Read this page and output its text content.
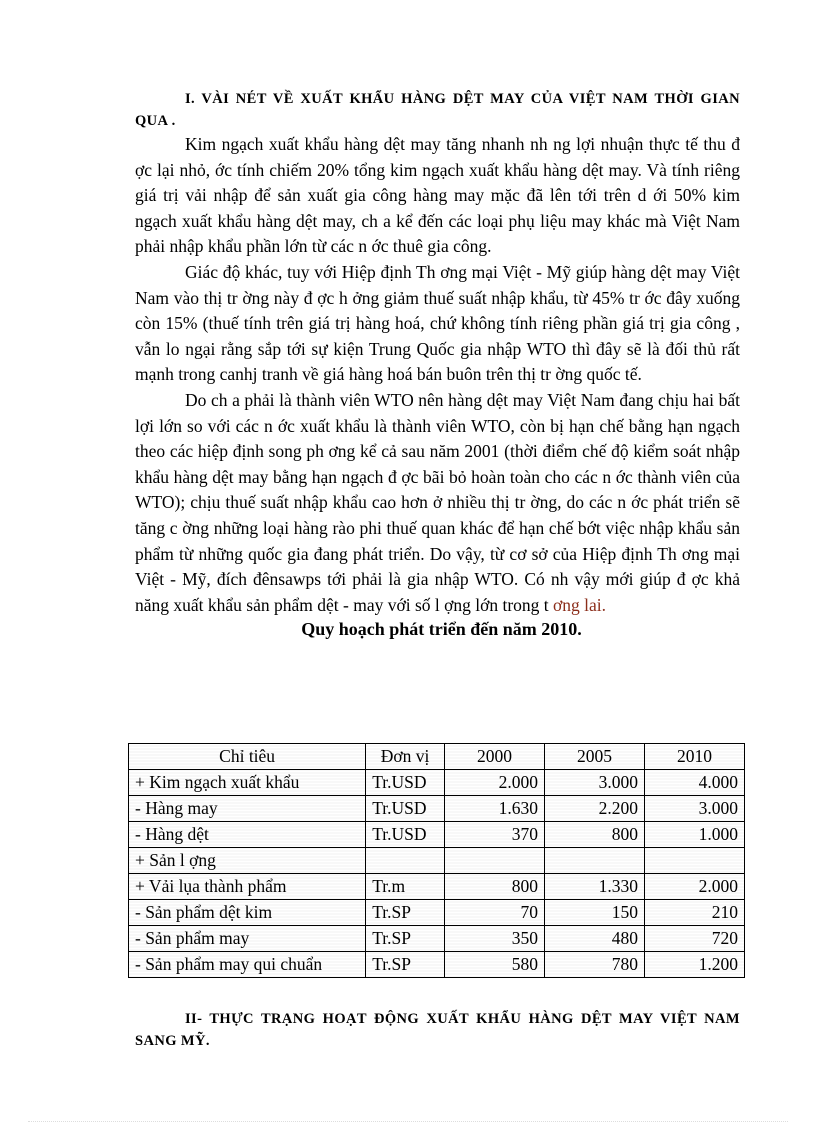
I. VÀI NÉT VỀ XUẤT KHẨU HÀNG DỆT MAY CỦA VIỆT NAM THỜI GIAN QUA .

Kim ngạch xuất khẩu hàng dệt may tăng nhanh nh ng lợi nhuận thực tế thu đ ợc lại nhỏ, ớc tính chiếm 20% tổng kim ngạch xuất khẩu hàng dệt may. Và tính riêng giá trị vải nhập để sản xuất gia công hàng may mặc đã lên tới trên d ới 50% kim ngạch xuất khẩu hàng dệt may, ch a kể đến các loại phụ liệu may khác mà Việt Nam phải nhập khẩu phần lớn từ các n ớc thuê gia công.

Giác độ khác, tuy với Hiệp định Th ơng mại Việt - Mỹ giúp hàng dệt may Việt Nam vào thị tr ờng này đ ợc h ởng giảm thuế suất nhập khẩu, từ 45% tr ớc đây xuống còn 15% (thuế tính trên giá trị hàng hoá, chứ không tính riêng phần giá trị gia công , vẫn lo ngại rằng sắp tới sự kiện Trung Quốc gia nhập WTO thì đây sẽ là đối thủ rất mạnh trong canhj tranh về giá hàng hoá bán buôn trên thị tr ờng quốc tế.

Do ch a phải là thành viên WTO nên hàng dệt may Việt Nam đang chịu hai bất lợi lớn so với các n ớc xuất khẩu là thành viên WTO, còn bị hạn chế bằng hạn ngạch theo các hiệp định song ph ơng kể cả sau năm 2001 (thời điểm chế độ kiểm soát nhập khẩu hàng dệt may bằng hạn ngạch đ ợc bãi bỏ hoàn toàn cho các n ớc thành viên của WTO); chịu thuế suất nhập khẩu cao hơn ở nhiều thị tr ờng, do các n ớc phát triển sẽ tăng c ờng những loại hàng rào phi thuế quan khác để hạn chế bớt việc nhập khẩu sản phẩm từ những quốc gia đang phát triển. Do vậy, từ cơ sở của Hiệp định Th ơng mại Việt - Mỹ, đích đênsawps tới phải là gia nhập WTO. Có nh vậy mới giúp đ ợc khả năng xuất khẩu sản phẩm dệt - may với số l ợng lớn trong t ơng lai.

Quy hoạch phát triển đến năm 2010.

Chỉ tiêu	Đơn vị	2000	2005	2010
+ Kim ngạch xuất khẩu	Tr.USD	2.000	3.000	4.000
- Hàng may	Tr.USD	1.630	2.200	3.000
- Hàng dệt	Tr.USD	370	800	1.000
+ Sản l ợng				
+ Vải lụa thành phẩm	Tr.m	800	1.330	2.000
- Sản phẩm dệt kim	Tr.SP	70	150	210
- Sản phẩm may	Tr.SP	350	480	720
- Sản phẩm may qui chuẩn	Tr.SP	580	780	1.200

II- THỰC TRẠNG HOẠT ĐỘNG XUẤT KHẨU HÀNG DỆT MAY VIỆT NAM SANG MỸ.
